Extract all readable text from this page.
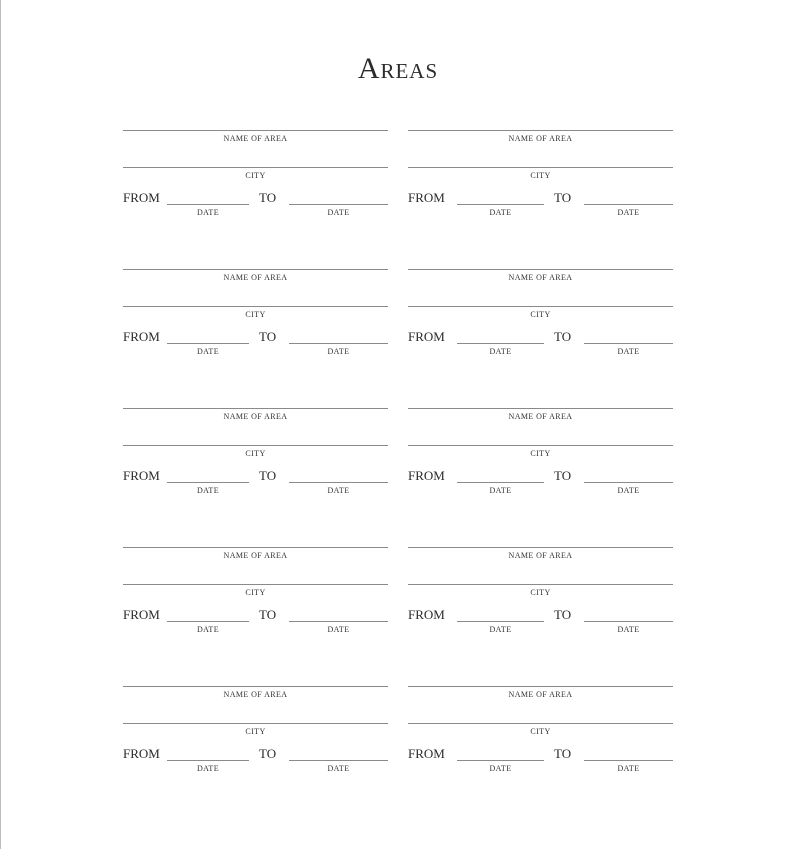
Areas
NAME OF AREA
CITY
FROM
DATE
TO
DATE
NAME OF AREA
CITY
FROM
DATE
TO
DATE
NAME OF AREA
CITY
FROM
DATE
TO
DATE
NAME OF AREA
CITY
FROM
DATE
TO
DATE
NAME OF AREA
CITY
FROM
DATE
TO
DATE
NAME OF AREA
CITY
FROM
DATE
TO
DATE
NAME OF AREA
CITY
FROM
DATE
TO
DATE
NAME OF AREA
CITY
FROM
DATE
TO
DATE
NAME OF AREA
CITY
FROM
DATE
TO
DATE
NAME OF AREA
CITY
FROM
DATE
TO
DATE
